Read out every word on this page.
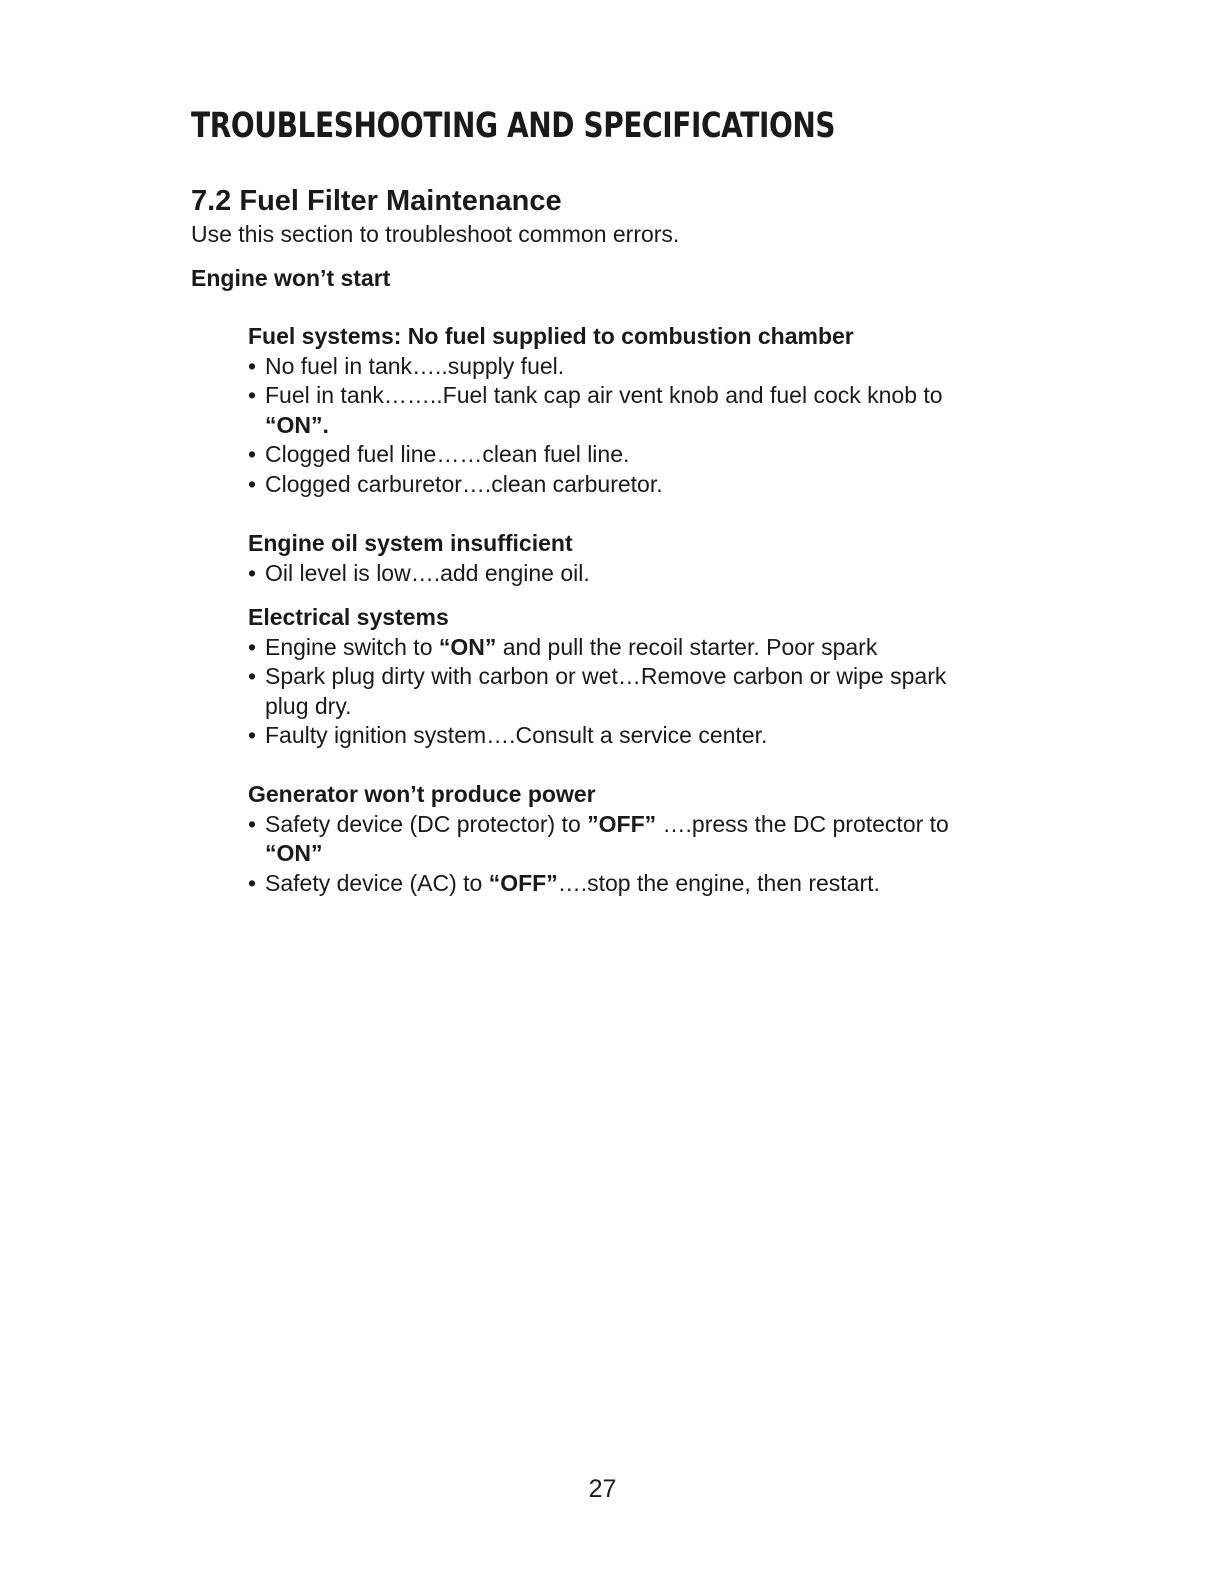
TROUBLESHOOTING AND SPECIFICATIONS
7.2 Fuel Filter Maintenance

Use this section to troubleshoot common errors.

Engine won’t start

Fuel systems: No fuel supplied to combustion chamber
• No fuel in tank…..supply fuel.
• Fuel in tank……..Fuel tank cap air vent knob and fuel cock knob to “ON”.
• Clogged fuel line……clean fuel line.
• Clogged carburetor….clean carburetor.
Engine oil system insufficient
• Oil level is low….add engine oil.
Electrical systems
• Engine switch to “ON” and pull the recoil starter. Poor spark
• Spark plug dirty with carbon or wet…Remove carbon or wipe spark plug dry.
• Faulty ignition system….Consult a service center.
Generator won’t produce power
• Safety device (DC protector) to ”OFF” ….press the DC protector to “ON”
• Safety device (AC) to “OFF”….stop the engine, then restart.

27
